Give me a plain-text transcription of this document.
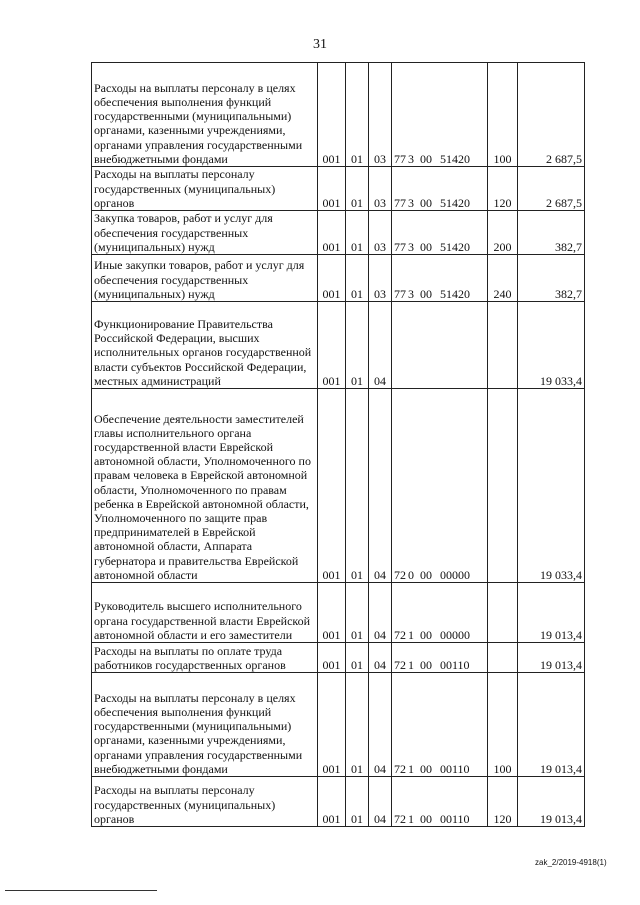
31
Расходы на выплаты персоналу в целях обеспечения выполнения функций государственными (муниципальными) органами, казенными учреждениями, органами управления государственными внебюджетными фондами	001	01	03	77 3 00 51420	100	2 687,5

Расходы на выплаты персоналу государственных (муниципальных) органов	001	01	03	77 3 00 51420	120	2 687,5

Закупка товаров, работ и услуг для обеспечения государственных (муниципальных) нужд	001	01	03	77 3 00 51420	200	382,7

Иные закупки товаров, работ и услуг для обеспечения государственных (муниципальных) нужд	001	01	03	77 3 00 51420	240	382,7

Функционирование Правительства Российской Федерации, высших исполнительных органов государственной власти субъектов Российской Федерации, местных администраций	001	01	04			19 033,4

Обеспечение деятельности заместителей главы исполнительного органа государственной власти Еврейской автономной области, Уполномоченного по правам человека в Еврейской автономной области, Уполномоченного по правам ребенка в Еврейской автономной области, Уполномоченного по защите прав предпринимателей в Еврейской автономной области, Аппарата губернатора и правительства Еврейской автономной области	001	01	04	72 0 00 00000		19 033,4

Руководитель высшего исполнительного органа государственной власти Еврейской автономной области и его заместители	001	01	04	72 1 00 00000		19 013,4

Расходы на выплаты по оплате труда работников государственных органов	001	01	04	72 1 00 00110		19 013,4

Расходы на выплаты персоналу в целях обеспечения выполнения функций государственными (муниципальными) органами, казенными учреждениями, органами управления государственными внебюджетными фондами	001	01	04	72 1 00 00110	100	19 013,4

Расходы на выплаты персоналу государственных (муниципальных) органов	001	01	04	72 1 00 00110	120	19 013,4
zak_2/2019-4918(1)
